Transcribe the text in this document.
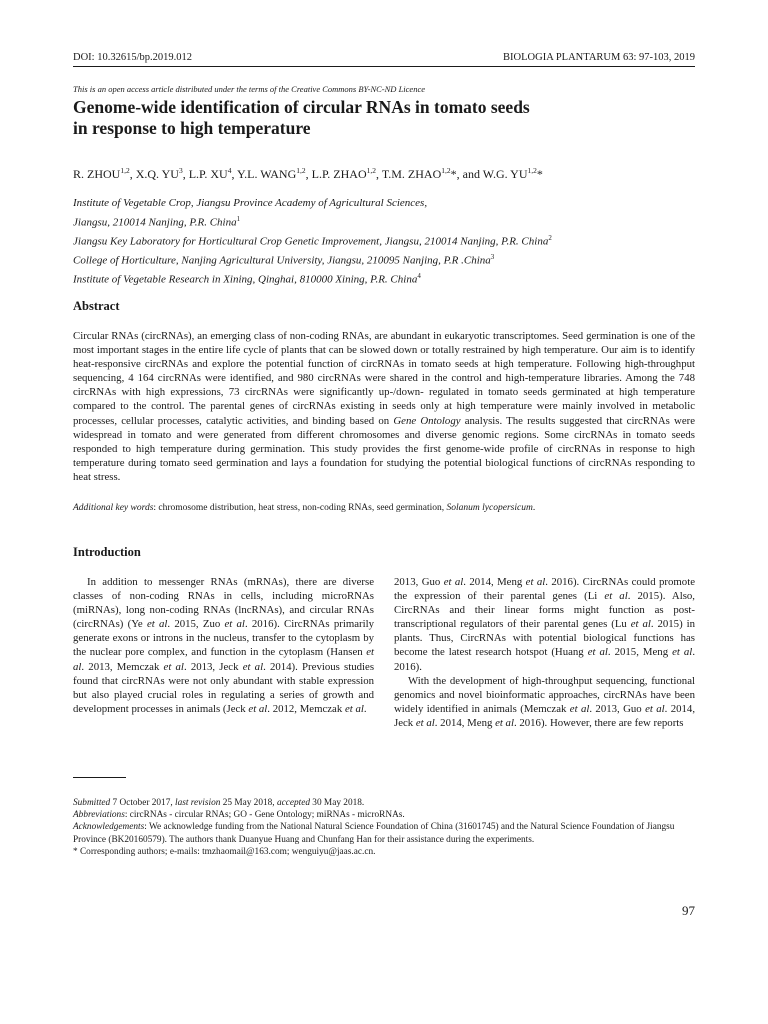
DOI: 10.32615/bp.2019.012	BIOLOGIA PLANTARUM 63: 97-103, 2019
This is an open access article distributed under the terms of the Creative Commons BY-NC-ND Licence
Genome-wide identification of circular RNAs in tomato seeds
in response to high temperature
R. ZHOU$^{1,2}$, X.Q. $YU^3$, L.P. $XU^4$, Y.L. WANG$^{1,2}$, L.P. ZHAO$^{1,2}$, T.M. ZHAO$^{1,2}$*, and W.G. YU$^{1,2}$*
Institute of Vegetable Crop, Jiangsu Province Academy of Agricultural Sciences,
Jiangsu, 210014 Nanjing, P.R. China$^1$
Jiangsu Key Laboratory for Horticultural Crop Genetic Improvement, Jiangsu, 210014 Nanjing, P.R. China$^2$
College of Horticulture, Nanjing Agricultural University, Jiangsu, 210095 Nanjing, P.R .China$^3$
Institute of Vegetable Research in Xining, Qinghai, 810000 Xining, P.R. China$^4$
Abstract

Circular RNAs (circRNAs), an emerging class of non-coding RNAs, are abundant in eukaryotic transcriptomes. Seed germination is one of the most important stages in the entire life cycle of plants that can be slowed down or totally restrained by high temperature. Our aim is to identify heat-responsive circRNAs and explore the potential function of circRNAs in tomato seeds at high temperature. Following high-throughput sequencing, 4 164 circRNAs were identified, and 980 circRNAs were shared in the control and high-temperature libraries. Among the 748 circRNAs with high expressions, 73 circRNAs were significantly up-/down- regulated in tomato seeds germinated at high temperature compared to the control. The parental genes of circRNAs existing in seeds only at high temperature were mainly involved in metabolic processes, cellular processes, catalytic activities, and binding based on Gene Ontology analysis. The results suggested that circRNAs were widespread in tomato and were generated from different chromosomes and diverse genomic regions. Some circRNAs in tomato seeds responded to high temperature during germination. This study provides the first genome-wide profile of circRNAs in response to high temperature during tomato seed germination and lays a foundation for studying the potential biological functions of circRNAs responding to heat stress.

Additional key words: chromosome distribution, heat stress, non-coding RNAs, seed germination, Solanum lycopersicum.
Introduction

In addition to messenger RNAs (mRNAs), there are diverse classes of non-coding RNAs in cells, including microRNAs (miRNAs), long non-coding RNAs (lncRNAs), and circular RNAs (circRNAs) (Ye et al. 2015, Zuo et al. 2016). CircRNAs primarily generate exons or introns in the nucleus, transfer to the cytoplasm by the nuclear pore complex, and function in the cytoplasm (Hansen et al. 2013, Memczak et al. 2013, Jeck et al. 2014). Previous studies found that circRNAs were not only abundant with stable expression but also played crucial roles in regulating a series of growth and development processes in animals (Jeck et al. 2012, Memczak et al.

2013, Guo et al. 2014, Meng et al. 2016). CircRNAs could promote the expression of their parental genes (Li et al. 2015). Also, CircRNAs and their linear forms might function as post-transcriptional regulators of their parental genes (Lu et al. 2015) in plants. Thus, CircRNAs with potential biological functions has become the latest research hotspot (Huang et al. 2015, Meng et al. 2016).

With the development of high-throughput sequencing, functional genomics and novel bioinformatic approaches, circRNAs have been widely identified in animals (Memczak et al. 2013, Guo et al. 2014, Jeck et al. 2014, Meng et al. 2016). However, there are few reports

Submitted 7 October 2017, last revision 25 May 2018, accepted 30 May 2018.
Abbreviations: circRNAs - circular RNAs; GO - Gene Ontology; miRNAs - microRNAs.
Acknowledgements: We acknowledge funding from the National Natural Science Foundation of China (31601745) and the Natural Science Foundation of Jiangsu Province (BK20160579). The authors thank Duanyue Huang and Chunfang Han for their assistance during the experiments.
* Corresponding authors; e-mails: tmzhaomail@163.com; wenguiyu@jaas.ac.cn.
97
